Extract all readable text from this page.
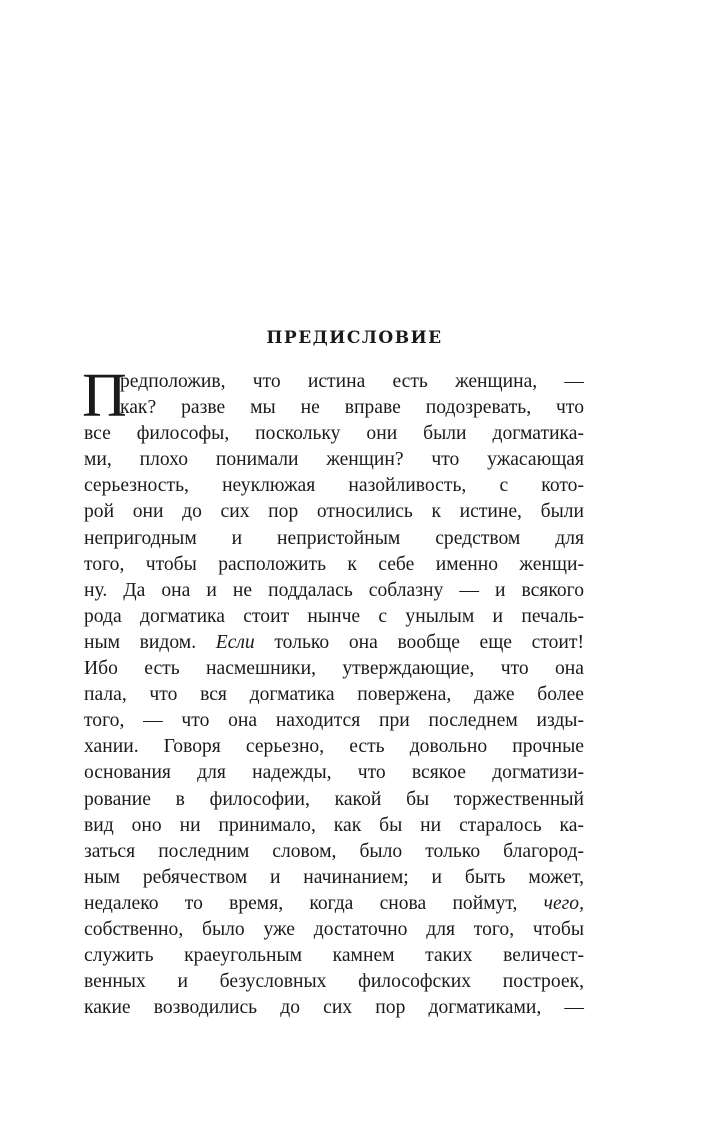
ПРЕДИСЛОВИЕ
П
редположив, что истина есть женщина, —
как? разве мы не вправе подозревать, что
все философы, поскольку они были догматика-
ми, плохо понимали женщин? что ужасающая
серьезность, неуклюжая назойливость, с кото-
рой они до сих пор относились к истине, были
непригодным и непристойным средством для
того, чтобы расположить к себе именно женщи-
ну. Да она и не поддалась соблазну — и всякого
рода догматика стоит нынче с унылым и печаль-
ным видом. Если только она вообще еще стоит!
Ибо есть насмешники, утверждающие, что она
пала, что вся догматика повержена, даже более
того, — что она находится при последнем изды-
хании. Говоря серьезно, есть довольно прочные
основания для надежды, что всякое догматизи-
рование в философии, какой бы торжественный
вид оно ни принимало, как бы ни старалось ка-
заться последним словом, было только благород-
ным ребячеством и начинанием; и быть может,
недалеко то время, когда снова поймут, чего,
собственно, было уже достаточно для того, чтобы
служить краеугольным камнем таких величест-
венных и безусловных философских построек,
какие возводились до сих пор догматиками, —
